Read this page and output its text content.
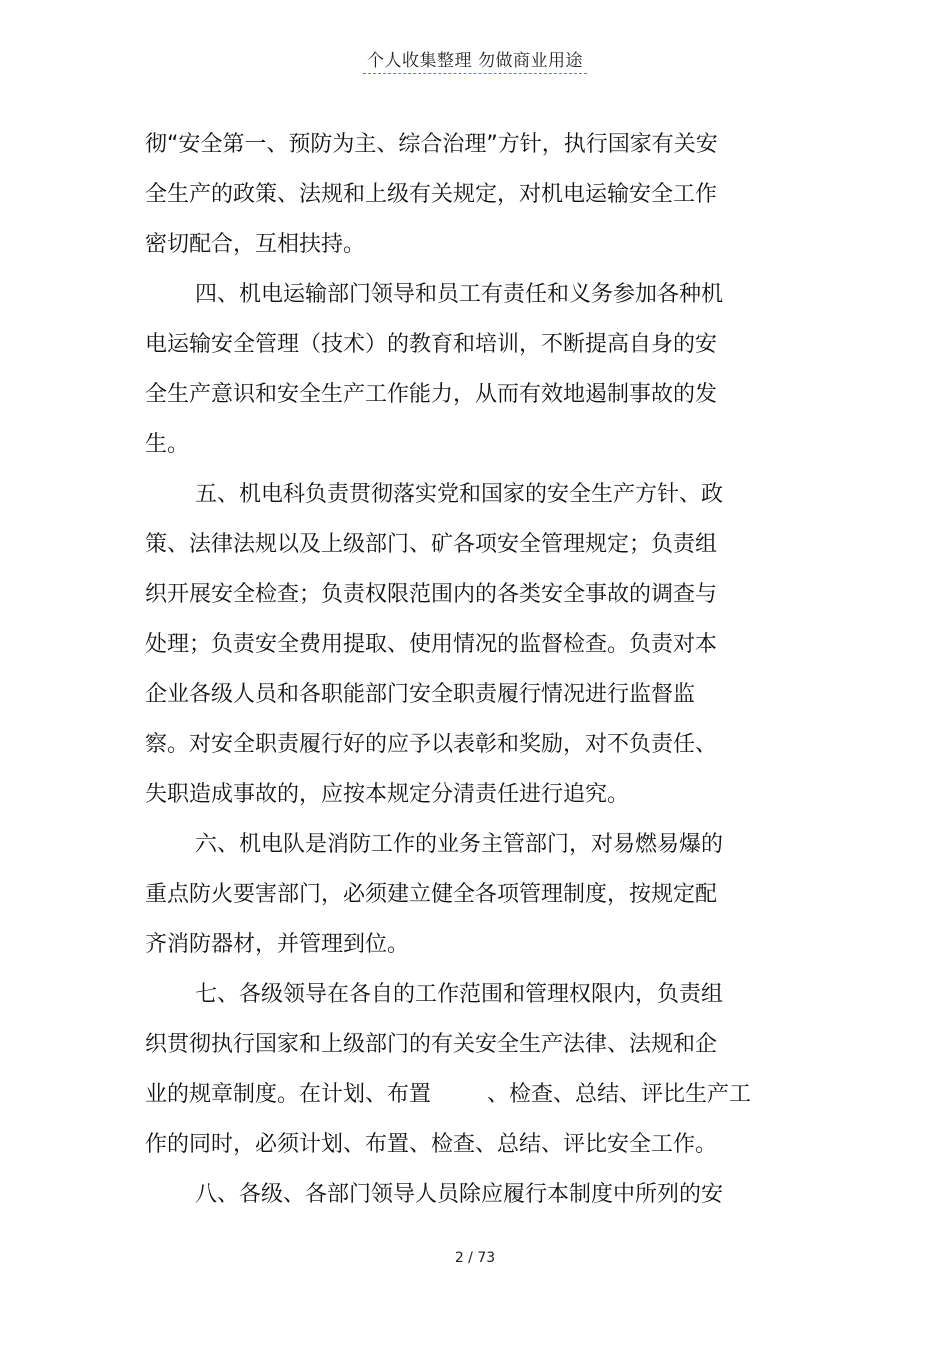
个人收集整理 勿做商业用途
彻“安全第一、预防为主、综合治理”方针，执行国家有关安
全生产的政策、法规和上级有关规定，对机电运输安全工作
密切配合，互相扶持。
四、机电运输部门领导和员工有责任和义务参加各种机
电运输安全管理（技术）的教育和培训，不断提高自身的安
全生产意识和安全生产工作能力，从而有效地遏制事故的发
生。
五、机电科负责贯彻落实党和国家的安全生产方针、政
策、法律法规以及上级部门、矿各项安全管理规定；负责组
织开展安全检查；负责权限范围内的各类安全事故的调查与
处理；负责安全费用提取、使用情况的监督检查。负责对本
企业各级人员和各职能部门安全职责履行情况进行监督监
察。对安全职责履行好的应予以表彰和奖励，对不负责任、
失职造成事故的，应按本规定分清责任进行追究。
六、机电队是消防工作的业务主管部门，对易燃易爆的
重点防火要害部门，必须建立健全各项管理制度，按规定配
齐消防器材，并管理到位。
七、各级领导在各自的工作范围和管理权限内，负责组
织贯彻执行国家和上级部门的有关安全生产法律、法规和企
业的规章制度。在计划、布置        、检查、总结、评比生产工
作的同时，必须计划、布置、检查、总结、评比安全工作。
八、各级、各部门领导人员除应履行本制度中所列的安
2 / 73
